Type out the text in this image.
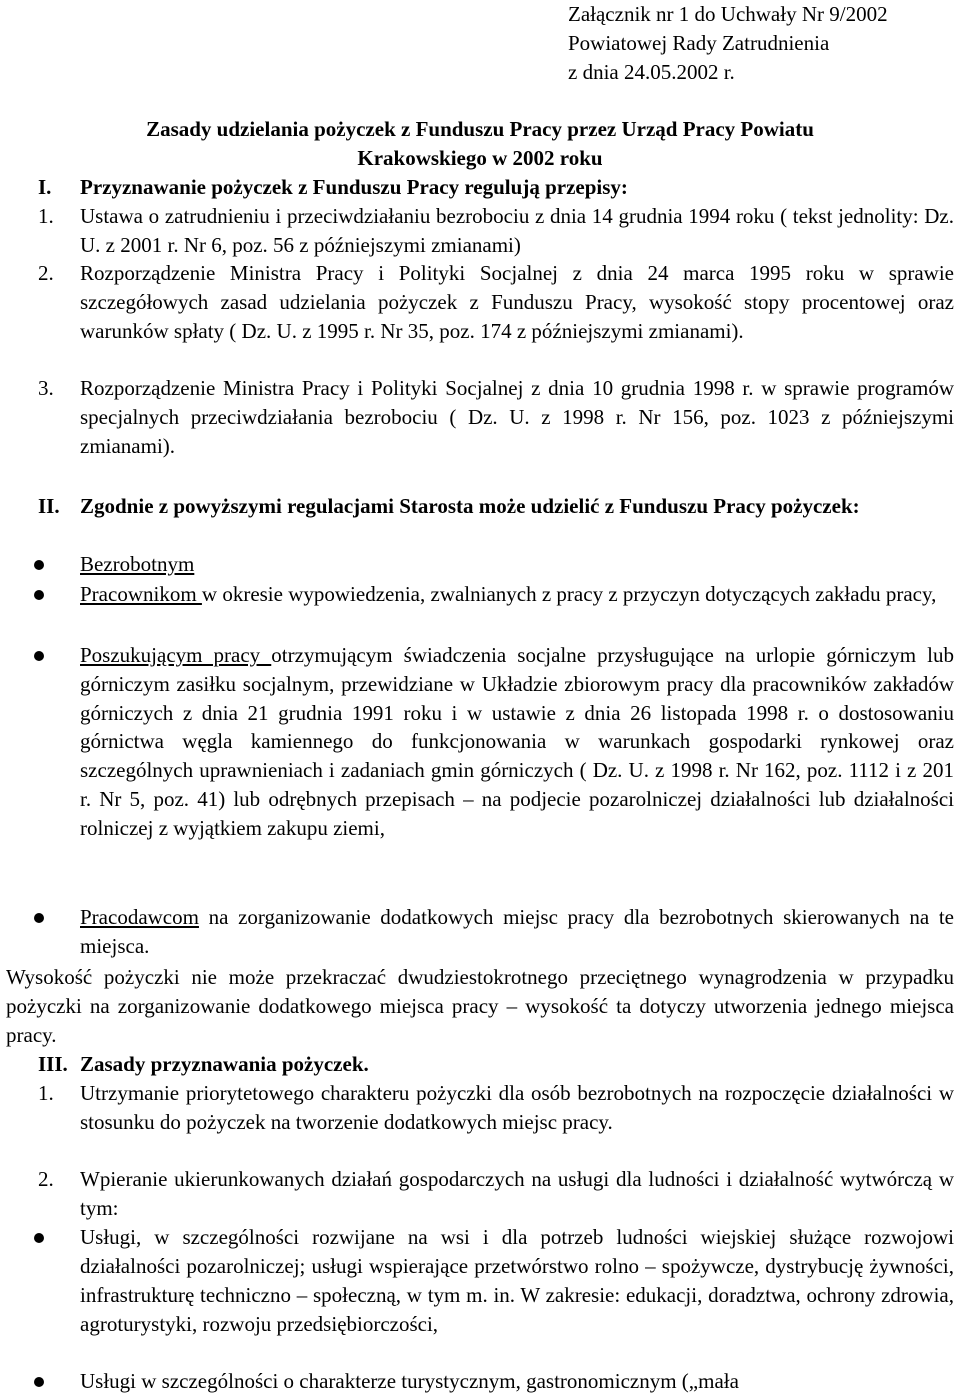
Załącznik nr 1 do Uchwały Nr 9/2002
Powiatowej Rady Zatrudnienia
z dnia 24.05.2002 r.
Zasady udzielania pożyczek z Funduszu Pracy przez Urząd Pracy Powiatu
Krakowskiego w 2002 roku
I. Przyznawanie pożyczek z Funduszu Pracy regulują przepisy:
1. Ustawa o zatrudnieniu i przeciwdziałaniu bezrobociu z dnia 14 grudnia 1994 roku ( tekst jednolity: Dz. U. z 2001 r. Nr 6, poz. 56 z późniejszymi zmianami)
2. Rozporządzenie Ministra Pracy i Polityki Socjalnej z dnia 24 marca 1995 roku w sprawie szczegółowych zasad udzielania pożyczek z Funduszu Pracy, wysokość stopy procentowej oraz warunków spłaty ( Dz. U. z 1995 r. Nr 35, poz. 174 z późniejszymi zmianami).
3. Rozporządzenie Ministra Pracy i Polityki Socjalnej z dnia 10 grudnia 1998 r. w sprawie programów specjalnych przeciwdziałania bezrobociu ( Dz. U. z 1998 r. Nr 156, poz. 1023 z późniejszymi zmianami).
II. Zgodnie z powyższymi regulacjami Starosta może udzielić z Funduszu Pracy pożyczek:
Bezrobotnym
Pracownikom w okresie wypowiedzenia, zwalnianych z pracy z przyczyn dotyczących zakładu pracy,
Poszukującym pracy otrzymującym świadczenia socjalne przysługujące na urlopie górniczym lub górniczym zasiłku socjalnym, przewidziane w Układzie zbiorowym pracy dla pracowników zakładów górniczych z dnia 21 grudnia 1991 roku i w ustawie z dnia 26 listopada 1998 r. o dostosowaniu górnictwa węgla kamiennego do funkcjonowania w warunkach gospodarki rynkowej oraz szczególnych uprawnieniach i zadaniach gmin górniczych ( Dz. U. z 1998 r. Nr 162, poz. 1112 i z 201 r. Nr 5, poz. 41) lub odrębnych przepisach – na podjecie pozarolniczej działalności lub działalności rolniczej z wyjątkiem zakupu ziemi,
Pracodawcom na zorganizowanie dodatkowych miejsc pracy dla bezrobotnych skierowanych na te miejsca.
Wysokość pożyczki nie może przekraczać dwudziestokrotnego przeciętnego wynagrodzenia w przypadku pożyczki na zorganizowanie dodatkowego miejsca pracy – wysokość ta dotyczy utworzenia jednego miejsca pracy.
III. Zasady przyznawania pożyczek.
1. Utrzymanie priorytetowego charakteru pożyczki dla osób bezrobotnych na rozpoczęcie działalności w stosunku do pożyczek na tworzenie dodatkowych miejsc pracy.
2. Wpieranie ukierunkowanych działań gospodarczych na usługi dla ludności i działalność wytwórczą w tym:
Usługi, w szczególności rozwijane na wsi i dla potrzeb ludności wiejskiej służące rozwojowi działalności pozarolniczej; usługi wspierające przetwórstwo rolno – spożywcze, dystrybucję żywności, infrastrukturę techniczno – społeczną, w tym m. in. W zakresie: edukacji, doradztwa, ochrony zdrowia, agroturystyki, rozwoju przedsiębiorczości,
Usługi w szczególności o charakterze turystycznym, gastronomicznym („mała
